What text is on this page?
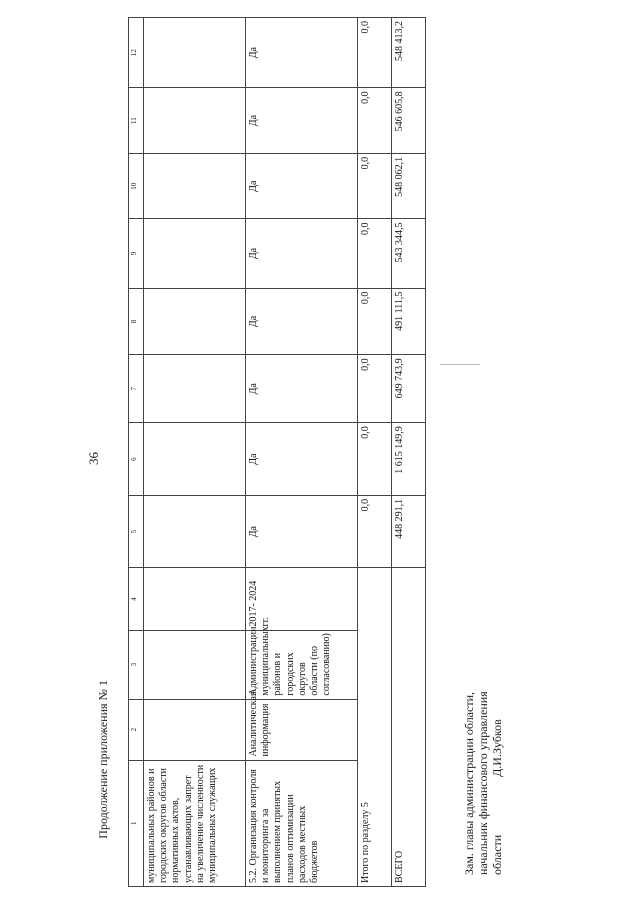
36
Продолжение приложения № 1	1	2	3	4	5	6	7	8	9	10	11	12
муниципальных районов и городских округов области нормативных актов, устанавливающих запрет на увеличение численности муниципальных служащих											
5.2. Организация контроля и мониторинга за выполнением принятых планов оптимизации расходов местных бюджетов	Аналитическая информация	Администрации муниципальных районов и городских округов области (по согласованию)	2017- 2024 гг.	Да	Да	Да	Да	Да	Да	Да	Да
Итого по разделу 5				0,0	0,0	0,0	0,0	0,0	0,0	0,0	0,0
ВСЕГО				448 291,1	1 615 149,9	649 743,9	491 111,5	543 344,5	548 062,1	546 605,8	548 413,2
Зам. главы администрации области, начальник финансового управления областиД.И.Зубков
